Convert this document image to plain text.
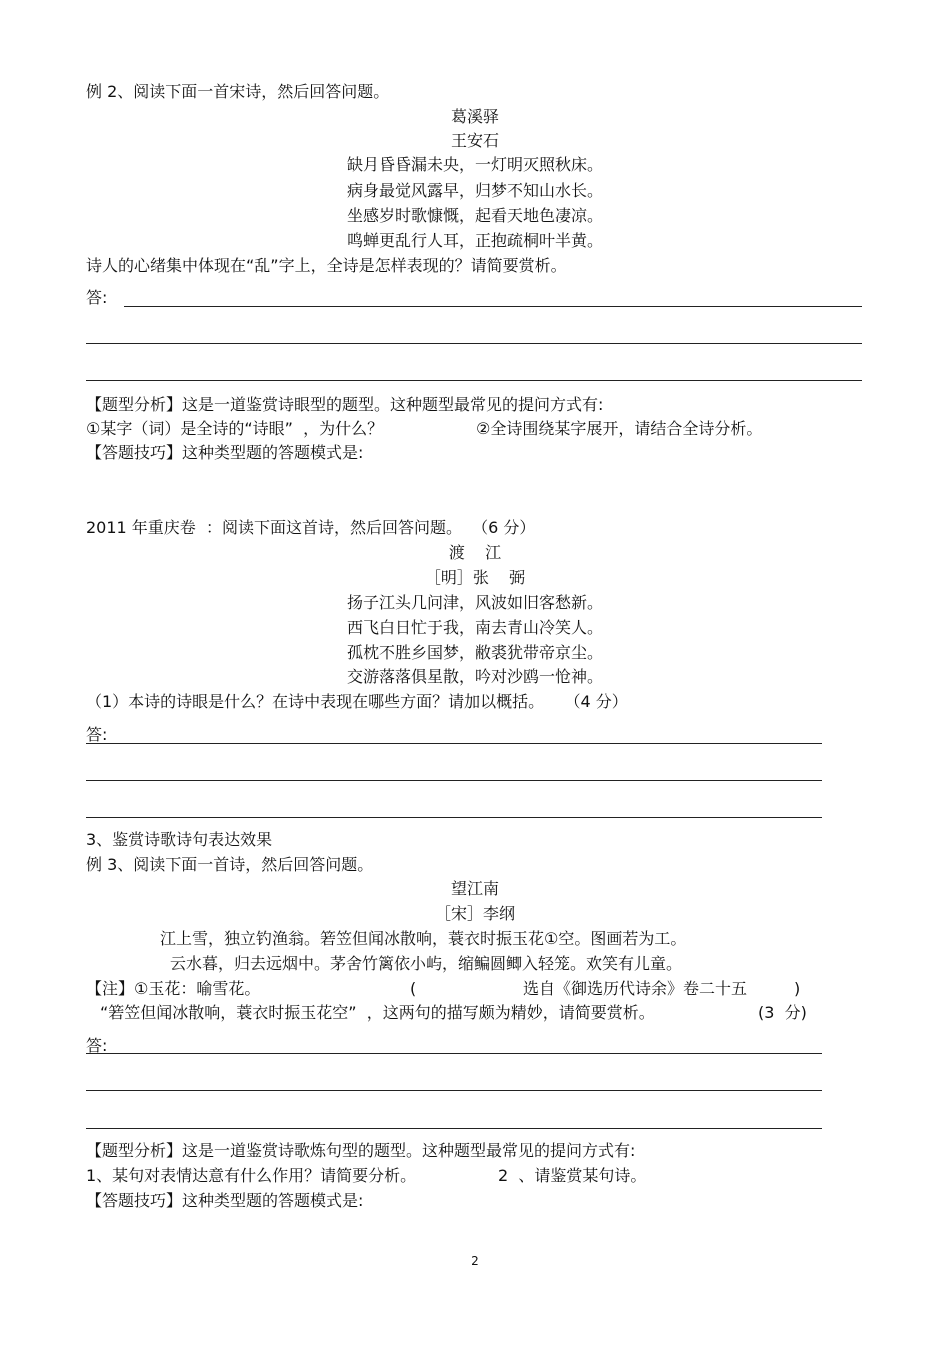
例 2、阅读下面一首宋诗，然后回答问题。
葛溪驿
王安石
缺月昏昏漏未央，一灯明灭照秋床。
病身最觉风露早，归梦不知山水长。
坐感岁时歌慷慨，起看天地色凄凉。
鸣蝉更乱行人耳，正抱疏桐叶半黄。
诗人的心绪集中体现在“乱”字上，全诗是怎样表现的？请简要赏析。
答:
【题型分析】这是一道鉴赏诗眼型的题型。这种题型最常见的提问方式有:
①某字（词）是全诗的“诗眼”  ，为什么？	②全诗围绕某字展开，请结合全诗分析。
【答题技巧】这种类型题的答题模式是:
2011 年重庆卷  ：阅读下面这首诗，然后回答问题。  （6 分）
渡    江
［明］张    弼
扬子江头几问津，风波如旧客愁新。
西飞白日忙于我，南去青山冷笑人。
孤枕不胜乡国梦，敝裘犹带帝京尘。
交游落落俱星散，吟对沙鸥一怆神。
（1）本诗的诗眼是什么？在诗中表现在哪些方面？请加以概括。    （4 分）
答:
3、鉴赏诗歌诗句表达效果
例 3、阅读下面一首诗，然后回答问题。
望江南
［宋］李纲
江上雪，独立钓渔翁。箬笠但闻冰散响，蓑衣时振玉花①空。图画若为工。
云水暮，归去远烟中。茅舍竹篱依小屿，缩鳊圆鲫入轻笼。欢笑有儿童。
【注】①玉花：喻雪花。	(	选自《御选历代诗余》卷二十五	)
“箬笠但闻冰散响，蓑衣时振玉花空”  ，这两句的描写颇为精妙，请简要赏析。	(3  分)
答:
【题型分析】这是一道鉴赏诗歌炼句型的题型。这种题型最常见的提问方式有:
1、某句对表情达意有什么作用？请简要分析。	2  、请鉴赏某句诗。
【答题技巧】这种类型题的答题模式是:
2
